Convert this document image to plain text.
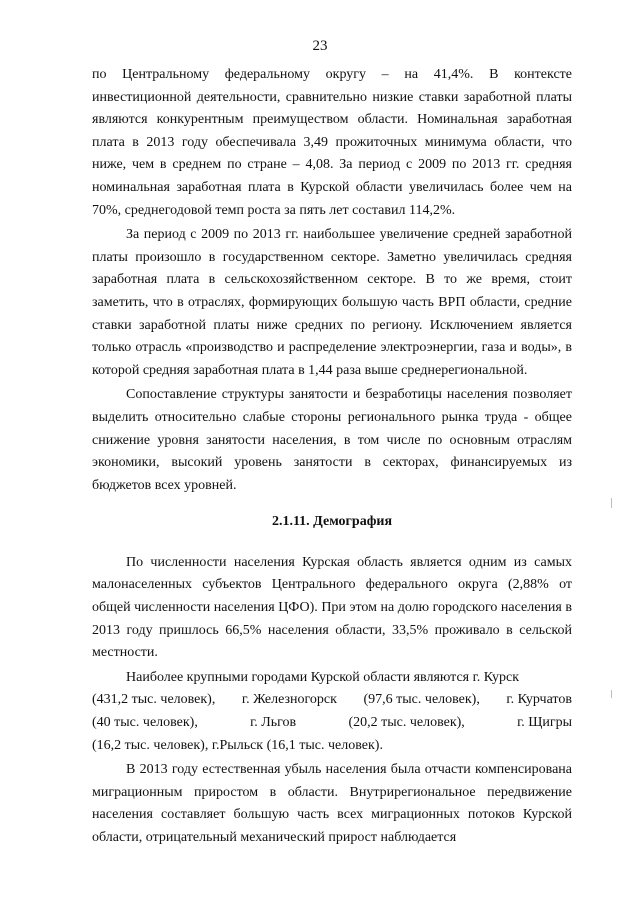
23

по Центральному федеральному округу – на 41,4%. В контексте инвестиционной деятельности, сравнительно низкие ставки заработной платы являются конкурентным преимуществом области. Номинальная заработная плата в 2013 году обеспечивала 3,49 прожиточных минимума области, что ниже, чем в среднем по стране – 4,08. За период с 2009 по 2013 гг. средняя номинальная заработная плата в Курской области увеличилась более чем на 70%, среднегодовой темп роста за пять лет составил 114,2%.

За период с 2009 по 2013 гг. наибольшее увеличение средней заработной платы произошло в государственном секторе. Заметно увеличилась средняя заработная плата в сельскохозяйственном секторе. В то же время, стоит заметить, что в отраслях, формирующих большую часть ВРП области, средние ставки заработной платы ниже средних по региону. Исключением является только отрасль «производство и распределение электроэнергии, газа и воды», в которой средняя заработная плата в 1,44 раза выше среднерегиональной.

Сопоставление структуры занятости и безработицы населения позволяет выделить относительно слабые стороны регионального рынка труда - общее снижение уровня занятости населения, в том числе по основным отраслям экономики, высокий уровень занятости в секторах, финансируемых из бюджетов всех уровней.

2.1.11. Демография

По численности населения Курская область является одним из самых малонаселенных субъектов Центрального федерального округа (2,88% от общей численности населения ЦФО). При этом на долю городского населения в 2013 году пришлось 66,5% населения области, 33,5% проживало в сельской местности.

Наиболее крупными городами Курской области являются г. Курск
(431,2 тыс. человек), г. Железногорск (97,6 тыс. человек), г. Курчатов
(40 тыс. человек),	г. Льгов	(20,2 тыс. человек),	г. Щигры
(16,2 тыс. человек), г.Рыльск (16,1 тыс. человек).

В 2013 году естественная убыль населения была отчасти компенсирована миграционным приростом в области. Внутрирегиональное передвижение населения составляет большую часть всех миграционных потоков Курской области, отрицательный механический прирост наблюдается
